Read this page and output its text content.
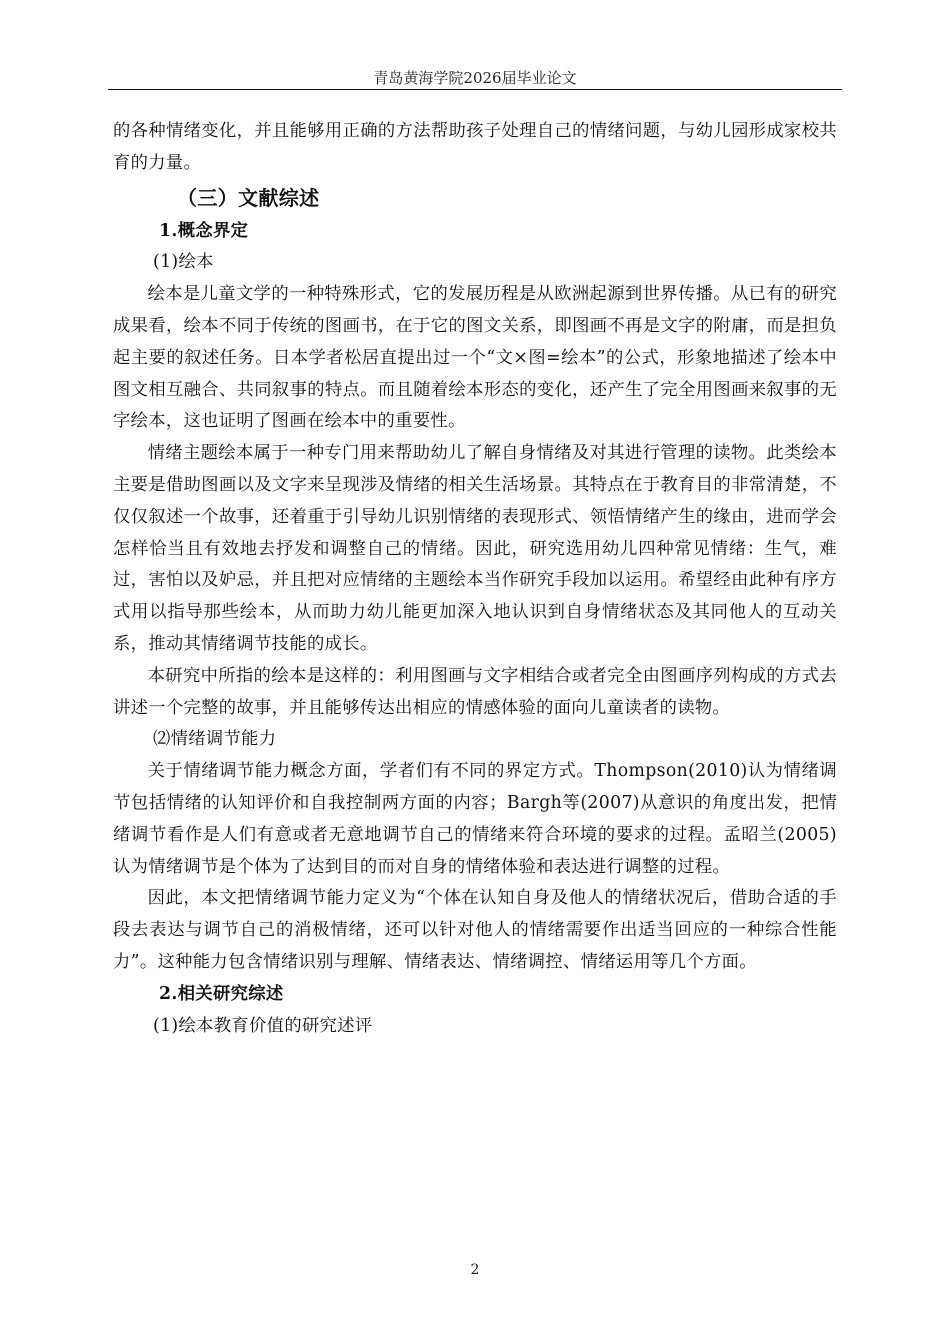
青岛黄海学院2026届毕业论文

的各种情绪变化，并且能够用正确的方法帮助孩子处理自己的情绪问题，与幼儿园形成家校共育的力量。

（三）文献综述

1.概念界定

(1)绘本

绘本是儿童文学的一种特殊形式，它的发展历程是从欧洲起源到世界传播。从已有的研究成果看，绘本不同于传统的图画书，在于它的图文关系，即图画不再是文字的附庸，而是担负起主要的叙述任务。日本学者松居直提出过一个“文×图=绘本”的公式，形象地描述了绘本中图文相互融合、共同叙事的特点。而且随着绘本形态的变化，还产生了完全用图画来叙事的无字绘本，这也证明了图画在绘本中的重要性。

情绪主题绘本属于一种专门用来帮助幼儿了解自身情绪及对其进行管理的读物。此类绘本主要是借助图画以及文字来呈现涉及情绪的相关生活场景。其特点在于教育目的非常清楚，不仅仅叙述一个故事，还着重于引导幼儿识别情绪的表现形式、领悟情绪产生的缘由，进而学会怎样恰当且有效地去抒发和调整自己的情绪。因此，研究选用幼儿四种常见情绪：生气，难过，害怕以及妒忌，并且把对应情绪的主题绘本当作研究手段加以运用。希望经由此种有序方式用以指导那些绘本，从而助力幼儿能更加深入地认识到自身情绪状态及其同他人的互动关系，推动其情绪调节技能的成长。

本研究中所指的绘本是这样的：利用图画与文字相结合或者完全由图画序列构成的方式去讲述一个完整的故事，并且能够传达出相应的情感体验的面向儿童读者的读物。

⑵情绪调节能力

关于情绪调节能力概念方面，学者们有不同的界定方式。Thompson(2010)认为情绪调节包括情绪的认知评价和自我控制两方面的内容；Bargh等(2007)从意识的角度出发，把情绪调节看作是人们有意或者无意地调节自己的情绪来符合环境的要求的过程。孟昭兰(2005)认为情绪调节是个体为了达到目的而对自身的情绪体验和表达进行调整的过程。

因此，本文把情绪调节能力定义为“个体在认知自身及他人的情绪状况后，借助合适的手段去表达与调节自己的消极情绪，还可以针对他人的情绪需要作出适当回应的一种综合性能力”。这种能力包含情绪识别与理解、情绪表达、情绪调控、情绪运用等几个方面。

2.相关研究综述

(1)绘本教育价值的研究述评

2
